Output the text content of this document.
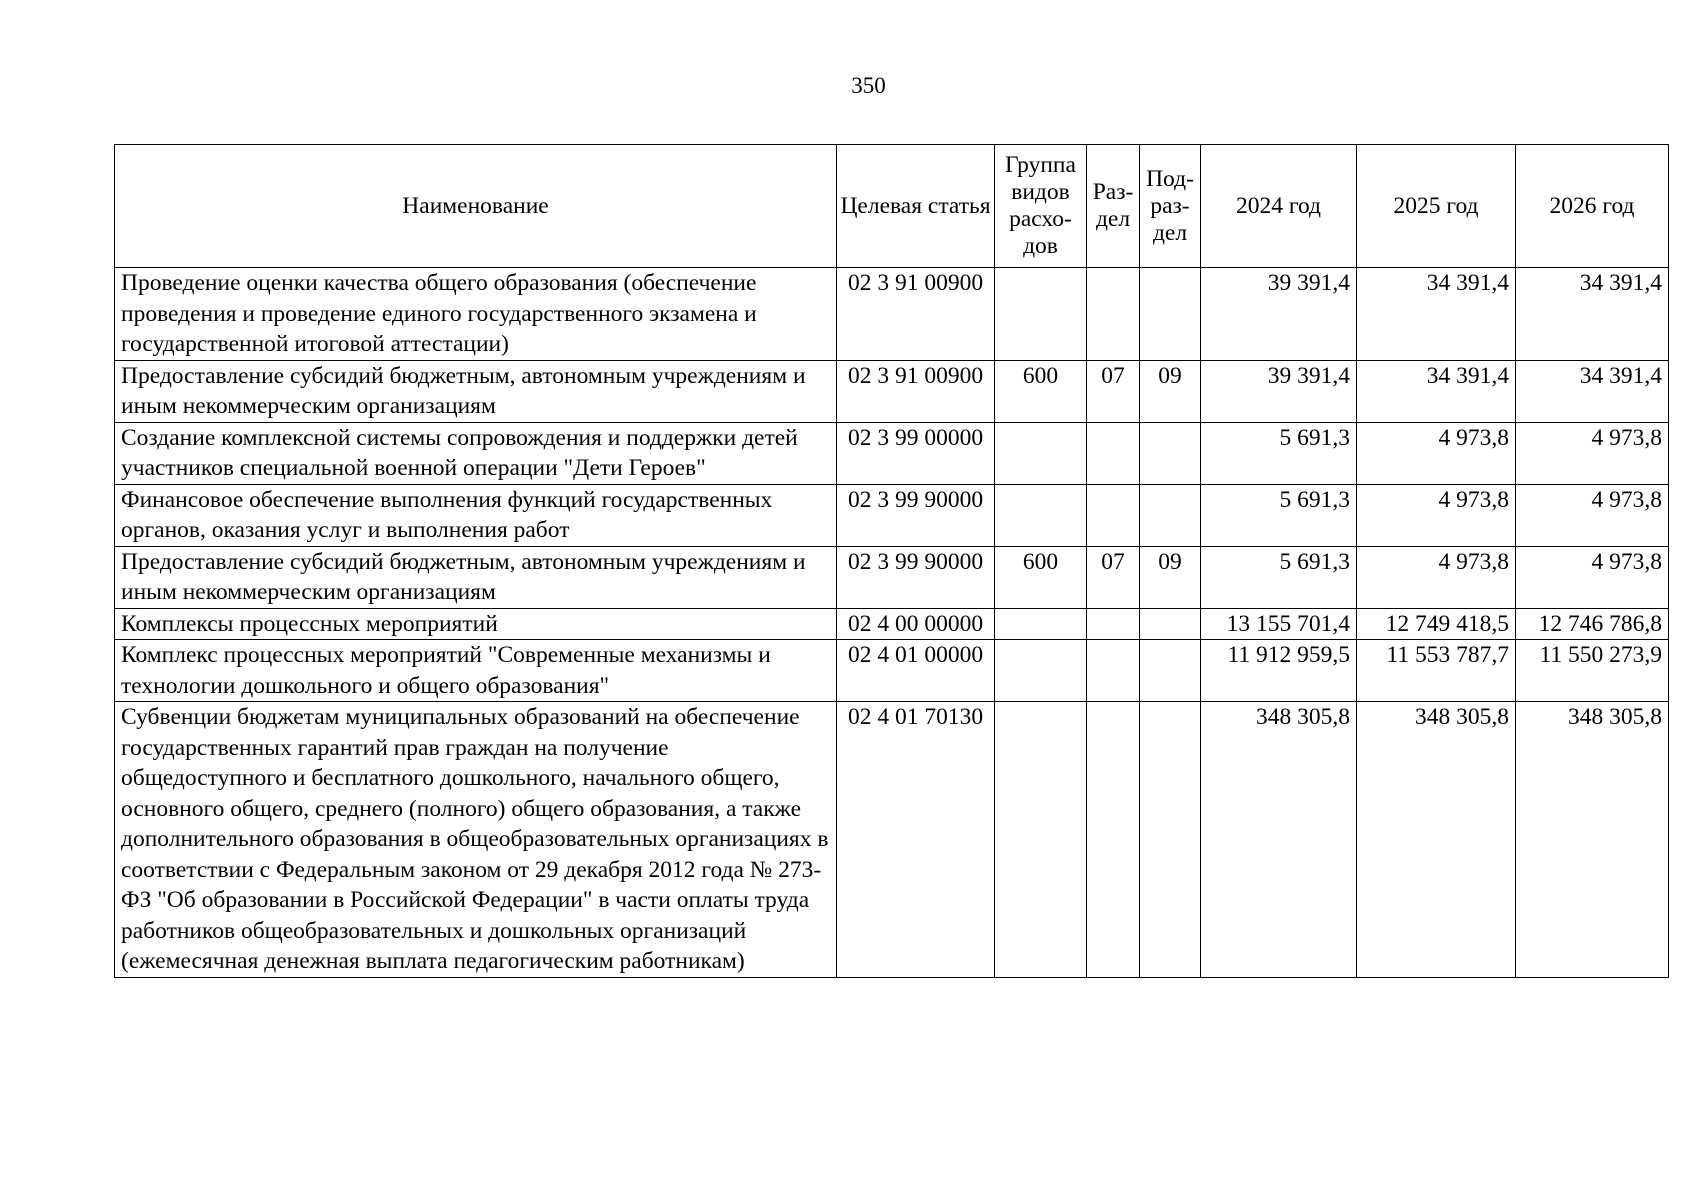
350
Наименование	Целевая статья	Группа видов расхо-дов	Раз-дел	Под-раз-дел	2024 год	2025 год	2026 год
Проведение оценки качества общего образования (обеспечение проведения и проведение единого государственного экзамена и государственной итоговой аттестации)	02 3 91 00900				39 391,4	34 391,4	34 391,4
Предоставление субсидий бюджетным, автономным учреждениям и иным некоммерческим организациям	02 3 91 00900	600	07	09	39 391,4	34 391,4	34 391,4
Создание комплексной системы сопровождения и поддержки детей участников специальной военной операции "Дети Героев"	02 3 99 00000				5 691,3	4 973,8	4 973,8
Финансовое обеспечение выполнения функций государственных органов, оказания услуг и выполнения работ	02 3 99 90000				5 691,3	4 973,8	4 973,8
Предоставление субсидий бюджетным, автономным учреждениям и иным некоммерческим организациям	02 3 99 90000	600	07	09	5 691,3	4 973,8	4 973,8
Комплексы процессных мероприятий	02 4 00 00000				13 155 701,4	12 749 418,5	12 746 786,8
Комплекс процессных мероприятий "Современные механизмы и технологии дошкольного и общего образования"	02 4 01 00000				11 912 959,5	11 553 787,7	11 550 273,9
Субвенции бюджетам муниципальных образований на обеспечение государственных гарантий прав граждан на получение общедоступного и бесплатного дошкольного, начального общего, основного общего, среднего (полного) общего образования, а также дополнительного образования в общеобразовательных организациях в соответствии с Федеральным законом от 29 декабря 2012 года № 273-ФЗ "Об образовании в Российской Федерации" в части оплаты труда работников общеобразовательных и дошкольных организаций (ежемесячная денежная выплата педагогическим работникам)	02 4 01 70130				348 305,8	348 305,8	348 305,8
